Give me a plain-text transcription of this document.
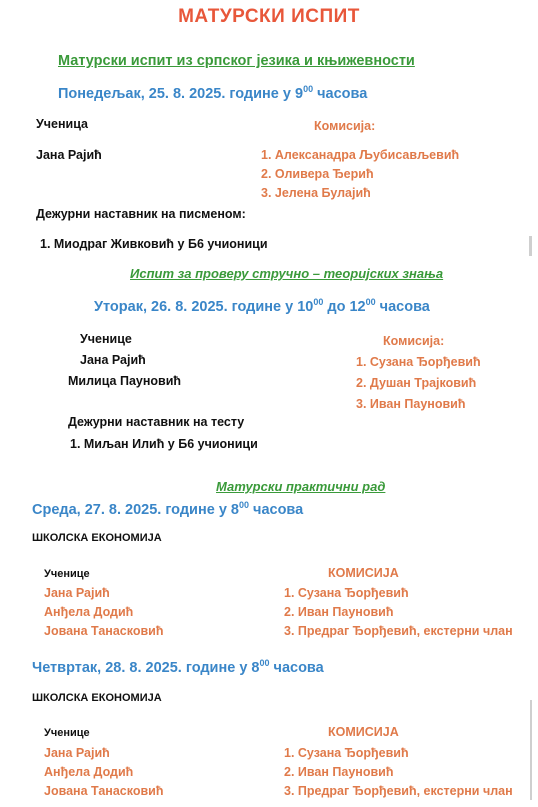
МАТУРСКИ ИСПИТ
Матурски испит из српског језика и књижевности
Понедељак, 25. 8. 2025. године у $9^{00}$ часова
Ученица
Јана Рајић
Комисија:
1. Алексанадра Љубисављевић
2. Оливера Ђерић
3. Јелена Булајић
Дежурни наставник на писменом:
1. Миодраг Живковић у Б6 учионици
Испит за проверу стручно – теоријских знања
Уторак, 26. 8. 2025. године у $10^{00}$ до $12^{00}$ часова
Ученице
Јана Рајић
Милица Пауновић
Комисија:
1. Сузана Ђорђевић
2. Душан Трајковић
3. Иван Пауновић
Дежурни наставник на тесту
1. Миљан Илић у Б6 учионици
Матурски практични рад
Среда, 27. 8. 2025. године у $8^{00}$ часова
ШКОЛСКА ЕКОНОМИЈА
Ученице
Јана Рајић
Анђела Додић
Јована Танасковић
КОМИСИЈА
1. Сузана Ђорђевић
2. Иван Пауновић
3. Предраг Ђорђевић, екстерни члан
Четвртак, 28. 8. 2025. године у $8^{00}$ часова
ШКОЛСКА ЕКОНОМИЈА
Ученице
Јана Рајић
Анђела Додић
Јована Танасковић
КОМИСИЈА
1. Сузана Ђорђевић
2. Иван Пауновић
3. Предраг Ђорђевић, екстерни члан
